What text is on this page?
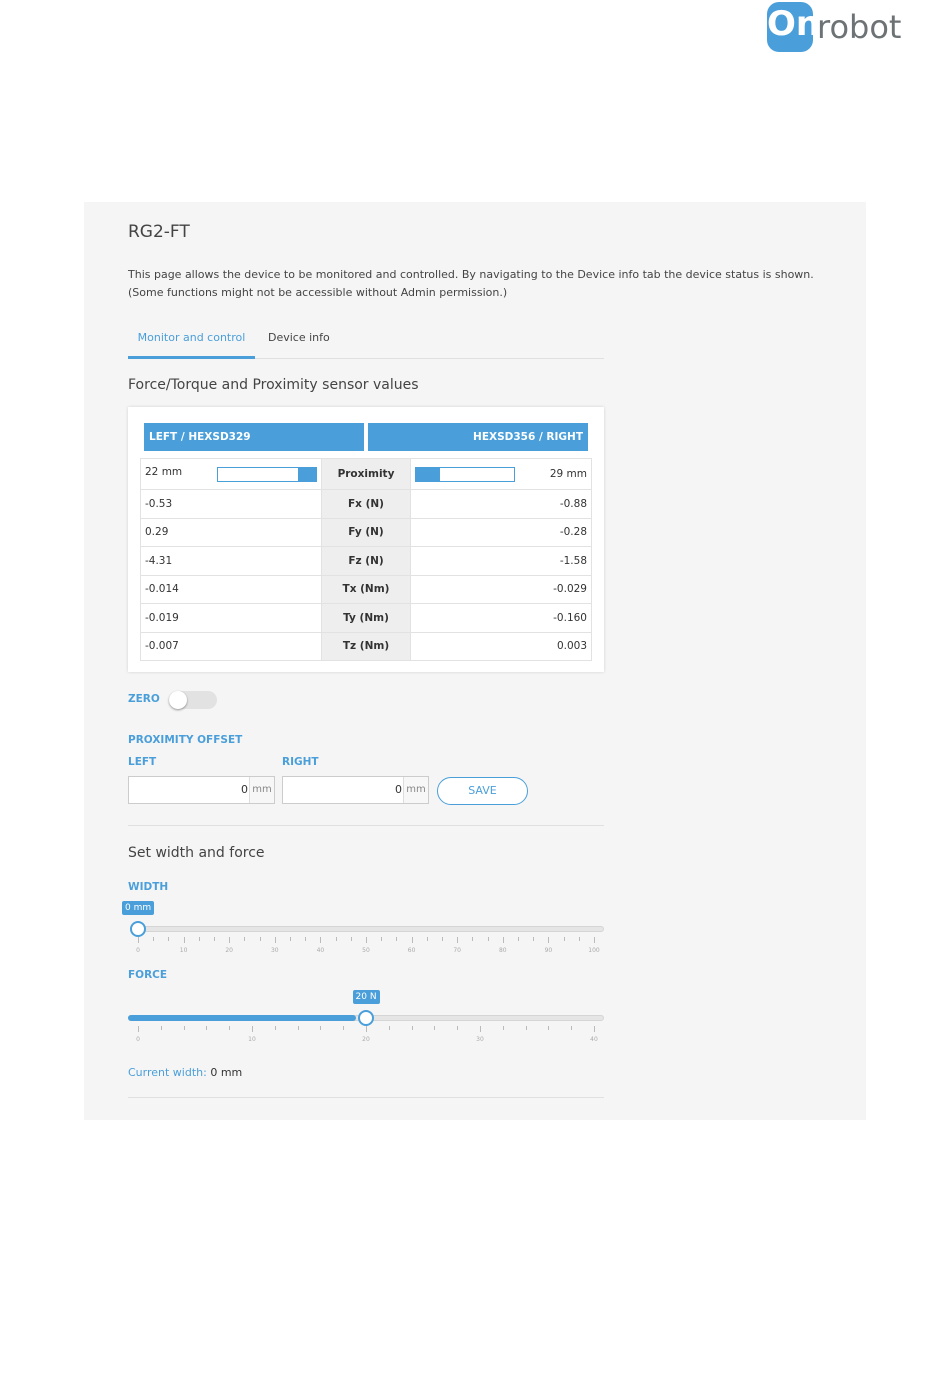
On
robot
RG2-FT
This page allows the device to be monitored and controlled. By navigating to the Device info tab the device status is shown.
(Some functions might not be accessible without Admin permission.)
Monitor and control	Device info
Force/Torque and Proximity sensor values
LEFT / HEXSD329	HEXSD356 / RIGHT
22 mm	Proximity	29 mm

-0.53	Fx (N)	-0.88
0.29	Fy (N)	-0.28
-4.31	Fz (N)	-1.58
-0.014	Tx (Nm)	-0.029
-0.019	Ty (Nm)	-0.160
-0.007	Tz (Nm)	0.003
ZERO
PROXIMITY OFFSET
LEFT	RIGHT
0 mm	0 mm	SAVE
Set width and force
WIDTH
0 mm
0	10	20	30	40	50	60	70	80	90	100
FORCE
20 N
0	10	20	30	40
Current width: 0 mm
